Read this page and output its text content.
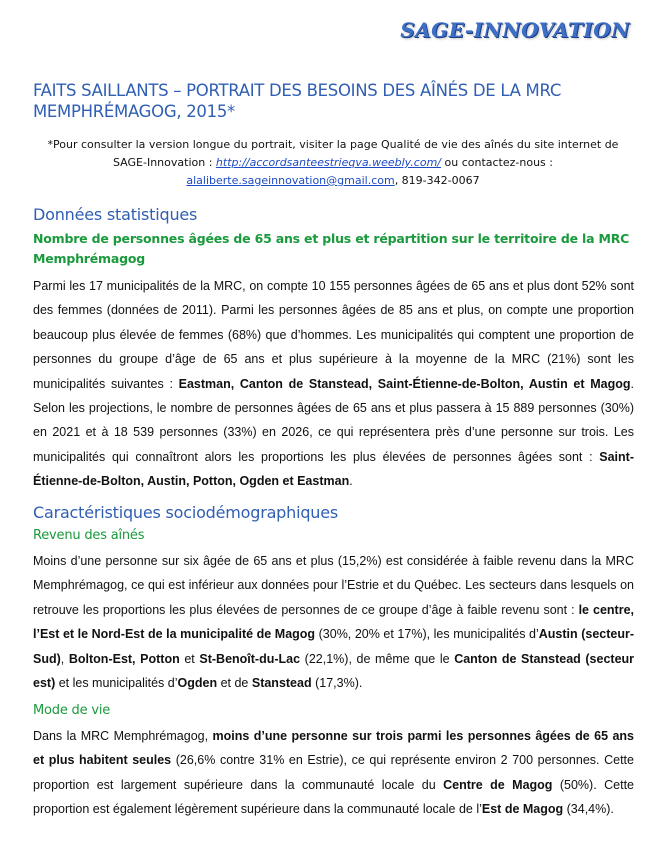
SAGE-INNOVATION
FAITS SAILLANTS – PORTRAIT DES BESOINS DES AÎNÉS DE LA MRC MEMPHRÉMAGOG, 2015*
*Pour consulter la version longue du portrait, visiter la page Qualité de vie des aînés du site internet de
SAGE-Innovation : http://accordsanteestrieqva.weebly.com/ ou contactez-nous :
alaliberte.sageinnovation@gmail.com, 819-342-0067
Données statistiques
Nombre de personnes âgées de 65 ans et plus et répartition sur le territoire de la MRC Memphrémagog
Parmi les 17 municipalités de la MRC, on compte 10 155 personnes âgées de 65 ans et plus dont 52% sont des femmes (données de 2011). Parmi les personnes âgées de 85 ans et plus, on compte une proportion beaucoup plus élevée de femmes (68%) que d’hommes. Les municipalités qui comptent une proportion de personnes du groupe d’âge de 65 ans et plus supérieure à la moyenne de la MRC (21%) sont les municipalités suivantes : Eastman, Canton de Stanstead, Saint-Étienne-de-Bolton, Austin et Magog. Selon les projections, le nombre de personnes âgées de 65 ans et plus passera à 15 889 personnes (30%) en 2021 et à 18 539 personnes (33%) en 2026, ce qui représentera près d’une personne sur trois. Les municipalités qui connaîtront alors les proportions les plus élevées de personnes âgées sont : Saint-Étienne-de-Bolton, Austin, Potton, Ogden et Eastman.
Caractéristiques sociodémographiques
Revenu des aînés
Moins d’une personne sur six âgée de 65 ans et plus (15,2%) est considérée à faible revenu dans la MRC Memphrémagog, ce qui est inférieur aux données pour l’Estrie et du Québec. Les secteurs dans lesquels on retrouve les proportions les plus élevées de personnes de ce groupe d’âge à faible revenu sont : le centre, l’Est et le Nord-Est de la municipalité de Magog (30%, 20% et 17%), les municipalités d’Austin (secteur-Sud), Bolton-Est, Potton et St-Benoît-du-Lac (22,1%), de même que le Canton de Stanstead (secteur est) et les municipalités d’Ogden et de Stanstead (17,3%).
Mode de vie
Dans la MRC Memphrémagog, moins d’une personne sur trois parmi les personnes âgées de 65 ans et plus habitent seules (26,6% contre 31% en Estrie), ce qui représente environ 2 700 personnes. Cette proportion est largement supérieure dans la communauté locale du Centre de Magog (50%). Cette proportion est également légèrement supérieure dans la communauté locale de l’Est de Magog (34,4%).
